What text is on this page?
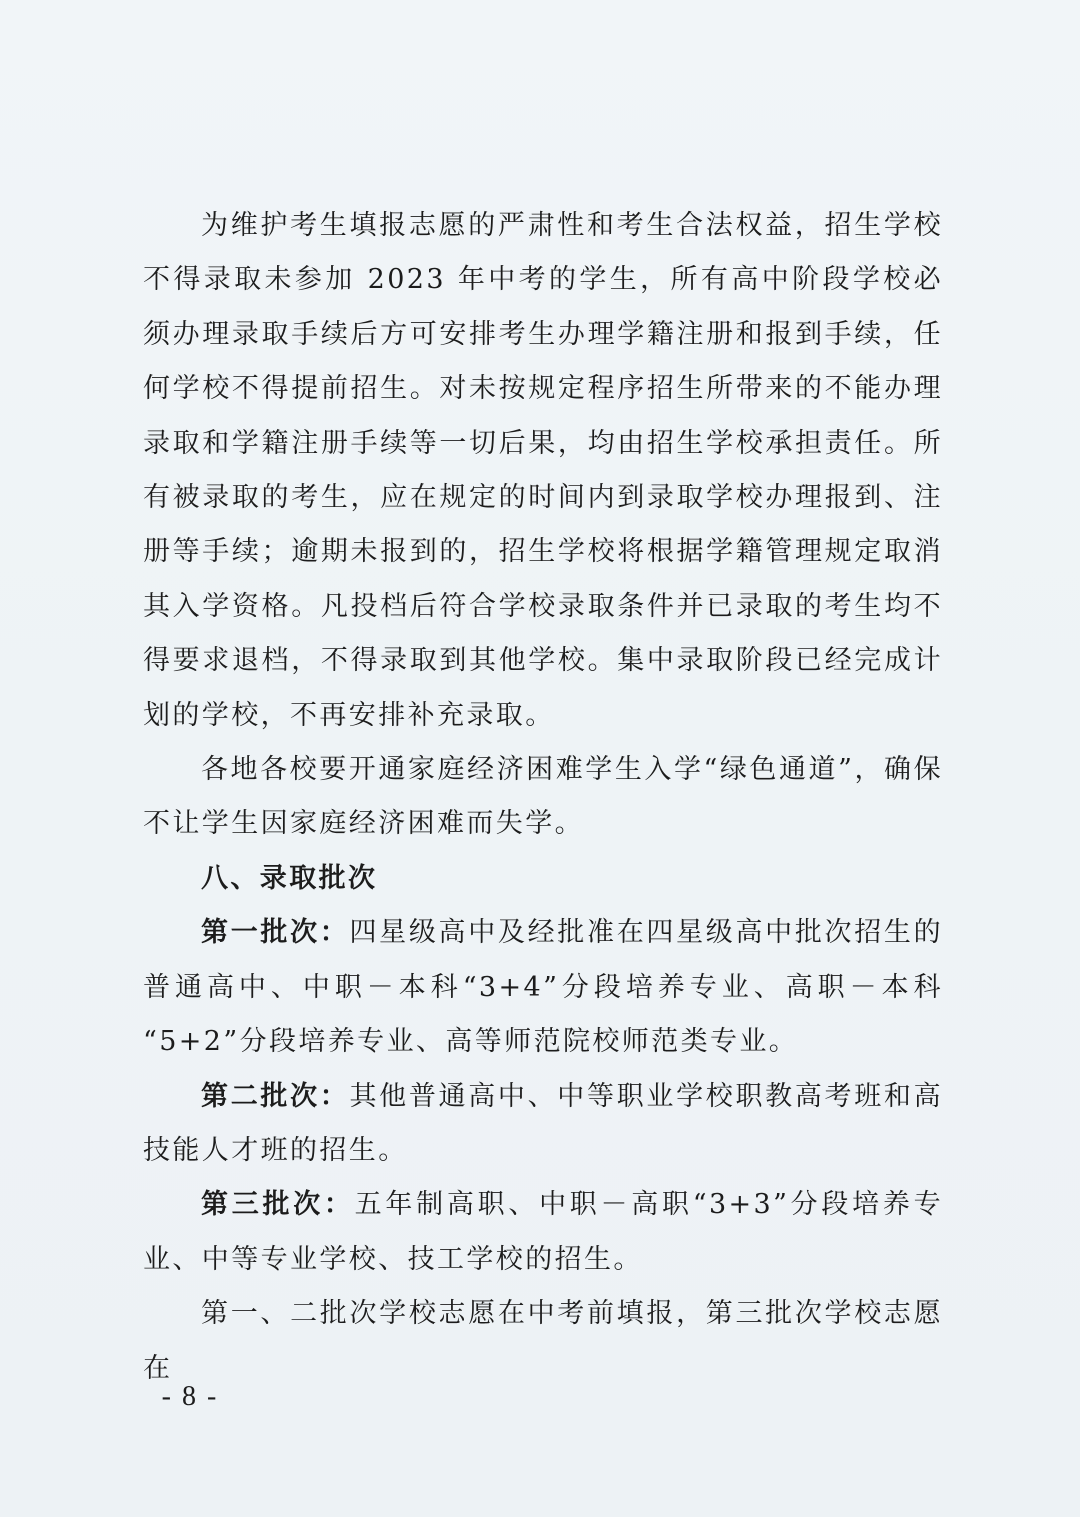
为维护考生填报志愿的严肃性和考生合法权益，招生学校不得录取未参加 2023 年中考的学生，所有高中阶段学校必须办理录取手续后方可安排考生办理学籍注册和报到手续，任何学校不得提前招生。对未按规定程序招生所带来的不能办理录取和学籍注册手续等一切后果，均由招生学校承担责任。所有被录取的考生，应在规定的时间内到录取学校办理报到、注册等手续；逾期未报到的，招生学校将根据学籍管理规定取消其入学资格。凡投档后符合学校录取条件并已录取的考生均不得要求退档，不得录取到其他学校。集中录取阶段已经完成计划的学校，不再安排补充录取。

各地各校要开通家庭经济困难学生入学“绿色通道”，确保不让学生因家庭经济困难而失学。

八、录取批次

第一批次：四星级高中及经批准在四星级高中批次招生的普通高中、中职－本科“3+4”分段培养专业、高职－本科 “5+2”分段培养专业、高等师范院校师范类专业。

第二批次：其他普通高中、中等职业学校职教高考班和高技能人才班的招生。

第三批次：五年制高职、中职－高职“3+3”分段培养专业、中等专业学校、技工学校的招生。

第一、二批次学校志愿在中考前填报，第三批次学校志愿在

- 8 -
